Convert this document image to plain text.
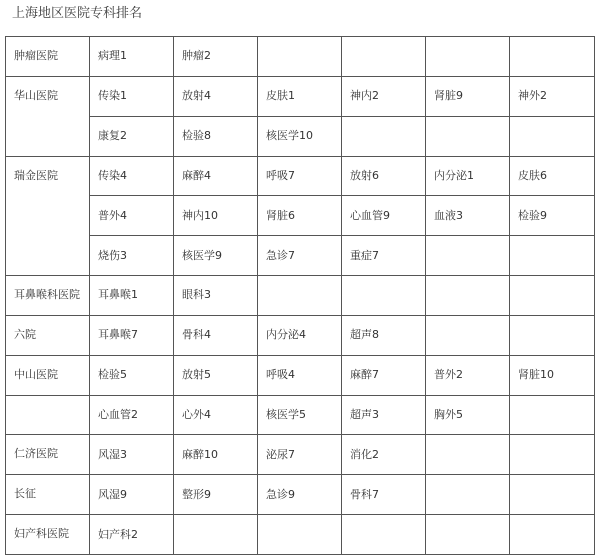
上海地区医院专科排名
肿瘤医院	病理1	肿瘤2				
华山医院	传染1	放射4	皮肤1	神内2	肾脏9	神外2
	康复2	检验8	核医学10			
瑞金医院	传染4	麻醉4	呼吸7	放射6	内分泌1	皮肤6
	普外4	神内10	肾脏6	心血管9	血液3	检验9
	烧伤3	核医学9	急诊7	重症7		
耳鼻喉科医院	耳鼻喉1	眼科3				
六院	耳鼻喉7	骨科4	内分泌4	超声8		
中山医院	检验5	放射5	呼吸4	麻醉7	普外2	肾脏10
	心血管2	心外4	核医学5	超声3	胸外5	
仁济医院	风湿3	麻醉10	泌尿7	消化2		
长征	风湿9	整形9	急诊9	骨科7		
妇产科医院	妇产科2					
